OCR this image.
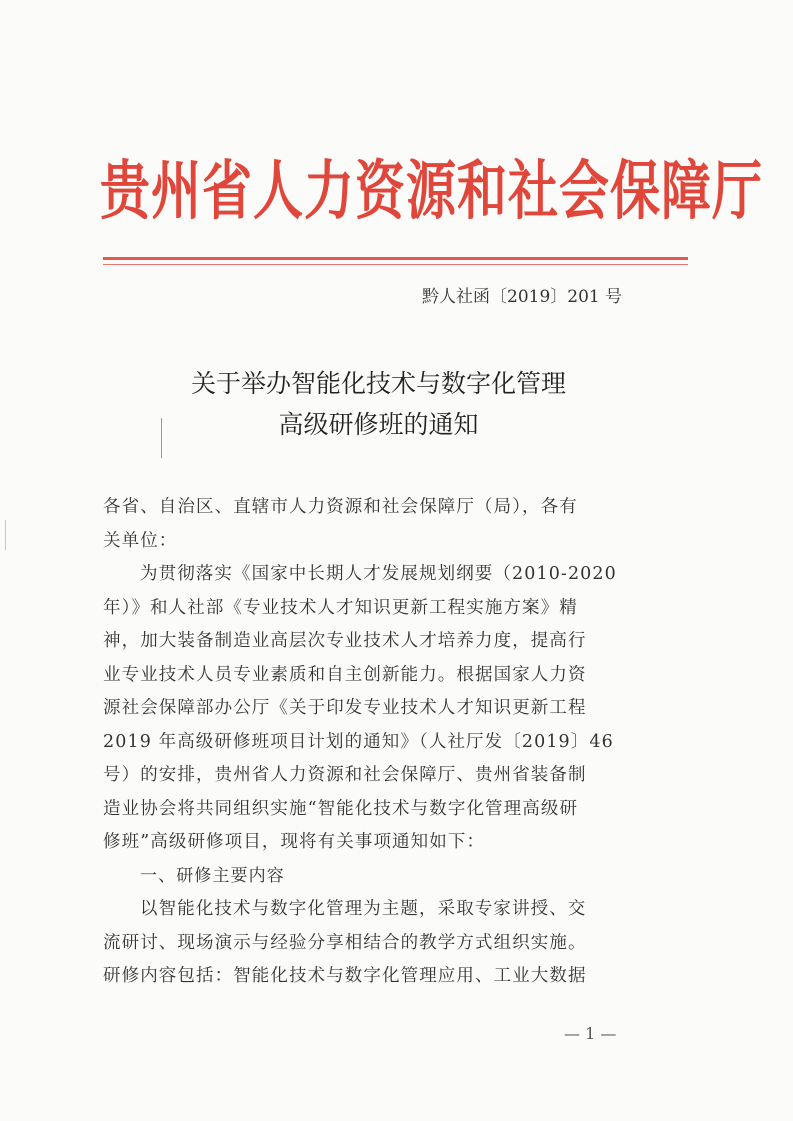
贵州省人力资源和社会保障厅
黔人社函〔2019〕201 号
关于举办智能化技术与数字化管理
高级研修班的通知
各省、自治区、直辖市人力资源和社会保障厅（局），各有
关单位：
为贯彻落实《国家中长期人才发展规划纲要（2010-2020
年）》和人社部《专业技术人才知识更新工程实施方案》精
神，加大装备制造业高层次专业技术人才培养力度，提高行
业专业技术人员专业素质和自主创新能力。根据国家人力资
源社会保障部办公厅《关于印发专业技术人才知识更新工程
2019 年高级研修班项目计划的通知》（人社厅发〔2019〕46
号）的安排，贵州省人力资源和社会保障厅、贵州省装备制
造业协会将共同组织实施“智能化技术与数字化管理高级研
修班”高级研修项目，现将有关事项通知如下：
一、研修主要内容
以智能化技术与数字化管理为主题，采取专家讲授、交
流研讨、现场演示与经验分享相结合的教学方式组织实施。
研修内容包括：智能化技术与数字化管理应用、工业大数据
— 1 —
